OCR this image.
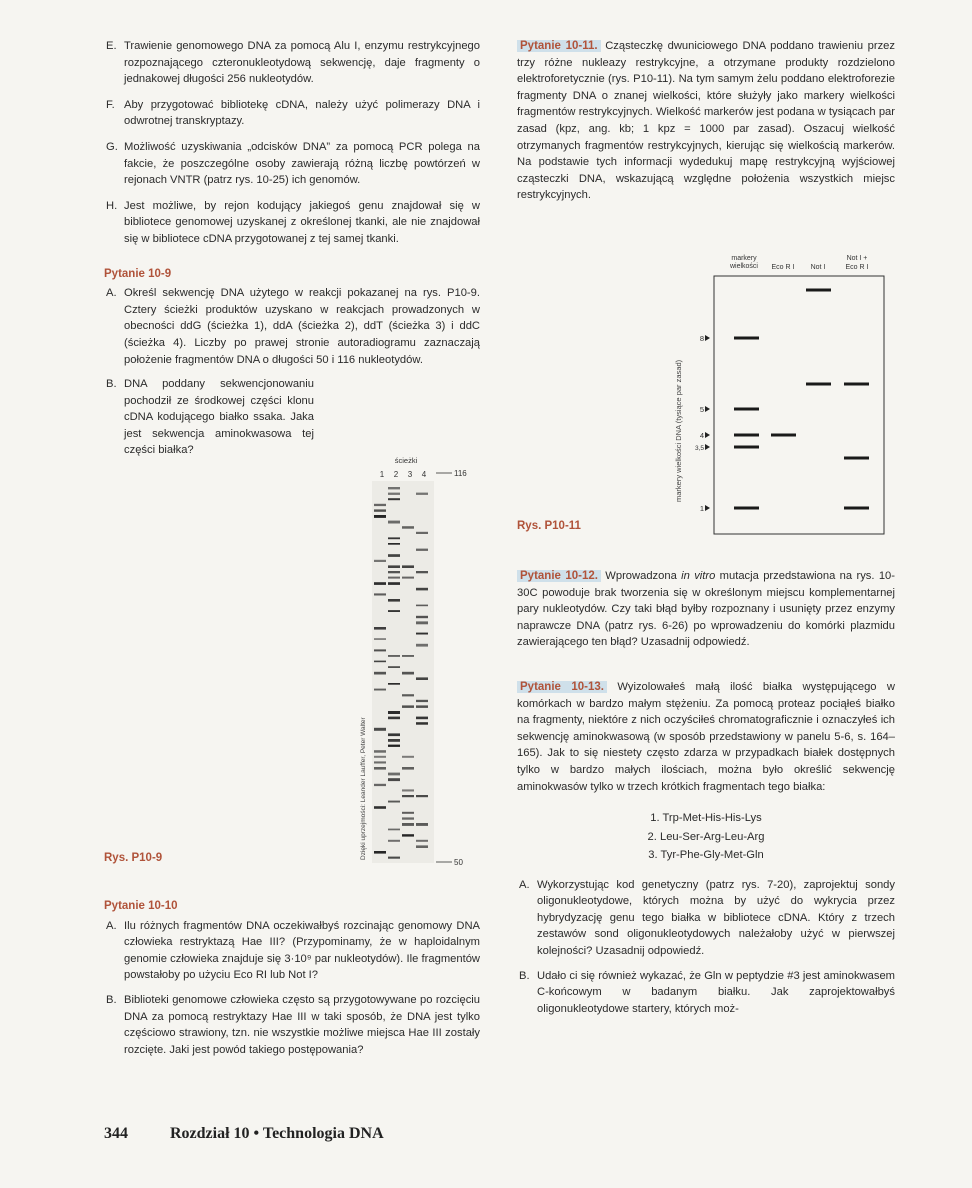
E. Trawienie genomowego DNA za pomocą Alu I, enzymu restrykcyjnego rozpoznającego czteronukleotydową sekwencję, daje fragmenty o jednakowej długości 256 nukleotydów.

F. Aby przygotować bibliotekę cDNA, należy użyć polimerazy DNA i odwrotnej transkryptazy.

G. Możliwość uzyskiwania „odcisków DNA” za pomocą PCR polega na fakcie, że poszczególne osoby zawierają różną liczbę powtórzeń w rejonach VNTR (patrz rys. 10-25) ich genomów.

H. Jest możliwe, by rejon kodujący jakiegoś genu znajdował się w bibliotece genomowej uzyskanej z określonej tkanki, ale nie znajdował się w bibliotece cDNA przygotowanej z tej samej tkanki.

Pytanie 10-9
A. Określ sekwencję DNA użytego w reakcji pokazanej na rys. P10-9. Cztery ścieżki produktów uzyskano w reakcjach prowadzonych w obecności ddG (ścieżka 1), ddA (ścieżka 2), ddT (ścieżka 3) i ddC (ścieżka 4). Liczby po prawej stronie autoradiogramu zaznaczają położenie fragmentów DNA o długości 50 i 116 nukleotydów.

B. DNA poddany sekwencjonowaniu pochodził ze środkowej części klonu cDNA kodującego białko ssaka. Jaka jest sekwencja aminokwasowa tej części białka?

ścieżki
1 2 3 4	116
50
Dzięki uprzejmości: Leander Lauffer, Peter Walter
Rys. P10-9
Pytanie 10-10
A. Ilu różnych fragmentów DNA oczekiwałbyś rozcinając genomowy DNA człowieka restryktazą Hae III? (Przypominamy, że w haploidalnym genomie człowieka znajduje się 3·10⁹ par nukleotydów). Ile fragmentów powstałoby po użyciu Eco RI lub Not I?

B. Biblioteki genomowe człowieka często są przygotowywane po rozcięciu DNA za pomocą restryktazy Hae III w taki sposób, że DNA jest tylko częściowo strawiony, tzn. nie wszystkie możliwe miejsca Hae III zostały rozcięte. Jaki jest powód takiego postępowania?

Pytanie 10-11. Cząsteczkę dwuniciowego DNA poddano trawieniu przez trzy różne nukleazy restrykcyjne, a otrzymane produkty rozdzielono elektroforetycznie (rys. P10-11). Na tym samym żelu poddano elektroforezie fragmenty DNA o znanej wielkości, które służyły jako markery wielkości fragmentów restrykcyjnych. Wielkość markerów jest podana w tysiącach par zasad (kpz, ang. kb; 1 kpz = 1000 par zasad). Oszacuj wielkość otrzymanych fragmentów restrykcyjnych, kierując się wielkością markerów. Na podstawie tych informacji wydedukuj mapę restrykcyjną wyjściowej cząsteczki DNA, wskazującą względne położenia wszystkich miejsc restrykcyjnych.

markery wielkości Eco R I Not I
Not I + Eco R I
markery wielkości DNA (tysiące par zasad)
8
5
4
3,5
1
Rys. P10-11

Pytanie 10-12. Wprowadzona in vitro mutacja przedstawiona na rys. 10-30C powoduje brak tworzenia się w określonym miejscu komplementarnej pary nukleotydów. Czy taki błąd byłby rozpoznany i usunięty przez enzymy naprawcze DNA (patrz rys. 6-26) po wprowadzeniu do komórki plazmidu zawierającego ten błąd? Uzasadnij odpowiedź.

Pytanie 10-13. Wyizolowałeś małą ilość białka występującego w komórkach w bardzo małym stężeniu. Za pomocą proteaz pociąłeś białko na fragmenty, niektóre z nich oczyściłeś chromatograficznie i oznaczyłeś ich sekwencję aminokwasową (w sposób przedstawiony w panelu 5-6, s. 164–165). Jak to się niestety często zdarza w przypadkach białek dostępnych tylko w bardzo małych ilościach, można było określić sekwencję aminokwasów tylko w trzech krótkich fragmentach tego białka:

1. Trp-Met-His-His-Lys
2. Leu-Ser-Arg-Leu-Arg
3. Tyr-Phe-Gly-Met-Gln
A. Wykorzystując kod genetyczny (patrz rys. 7-20), zaprojektuj sondy oligonukleotydowe, których można by użyć do wykrycia przez hybrydyzację genu tego białka w bibliotece cDNA. Który z trzech zestawów sond oligonukleotydowych należałoby użyć w pierwszej kolejności? Uzasadnij odpowiedź.

B. Udało ci się również wykazać, że Gln w peptydzie #3 jest aminokwasem C-końcowym w badanym białku. Jak zaprojektowałbyś oligonukleotydowe startery, których moż-

344	Rozdział 10 • Technologia DNA
